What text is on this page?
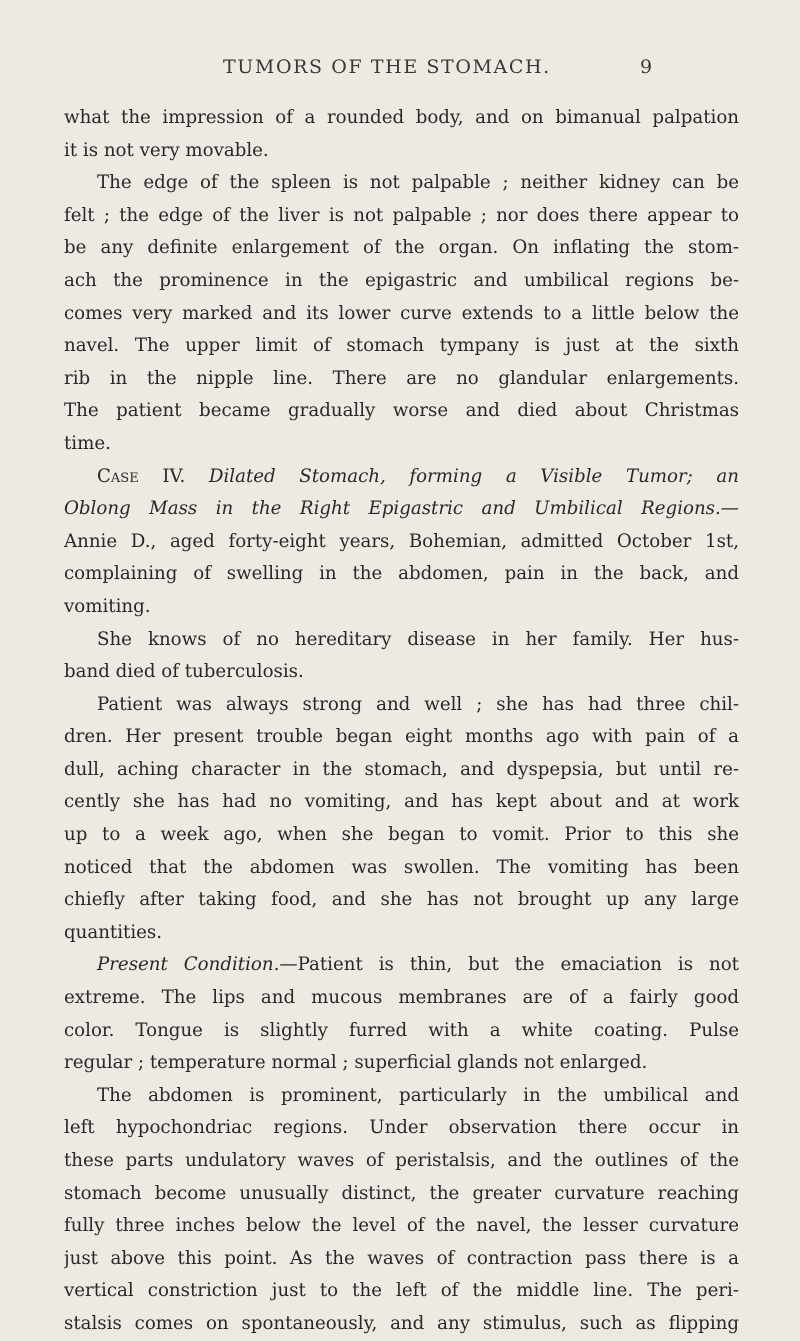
TUMORS OF THE STOMACH.	9
what the impression of a rounded body, and on bimanual palpation
it is not very movable.
The edge of the spleen is not palpable ; neither kidney can be
felt ; the edge of the liver is not palpable ; nor does there appear to
be any definite enlargement of the organ. On inflating the stom-
ach the prominence in the epigastric and umbilical regions be-
comes very marked and its lower curve extends to a little below the
navel. The upper limit of stomach tympany is just at the sixth
rib in the nipple line. There are no glandular enlargements.
The patient became gradually worse and died about Christmas
time.
Case IV. Dilated Stomach, forming a Visible Tumor; an
Oblong Mass in the Right Epigastric and Umbilical Regions.—
Annie D., aged forty-eight years, Bohemian, admitted October 1st,
complaining of swelling in the abdomen, pain in the back, and
vomiting.
She knows of no hereditary disease in her family. Her hus-
band died of tuberculosis.
Patient was always strong and well ; she has had three chil-
dren. Her present trouble began eight months ago with pain of a
dull, aching character in the stomach, and dyspepsia, but until re-
cently she has had no vomiting, and has kept about and at work
up to a week ago, when she began to vomit. Prior to this she
noticed that the abdomen was swollen. The vomiting has been
chiefly after taking food, and she has not brought up any large
quantities.
Present Condition.—Patient is thin, but the emaciation is not
extreme. The lips and mucous membranes are of a fairly good
color. Tongue is slightly furred with a white coating. Pulse
regular ; temperature normal ; superficial glands not enlarged.
The abdomen is prominent, particularly in the umbilical and
left hypochondriac regions. Under observation there occur in
these parts undulatory waves of peristalsis, and the outlines of the
stomach become unusually distinct, the greater curvature reaching
fully three inches below the level of the navel, the lesser curvature
just above this point. As the waves of contraction pass there is a
vertical constriction just to the left of the middle line. The peri-
stalsis comes on spontaneously, and any stimulus, such as flipping
